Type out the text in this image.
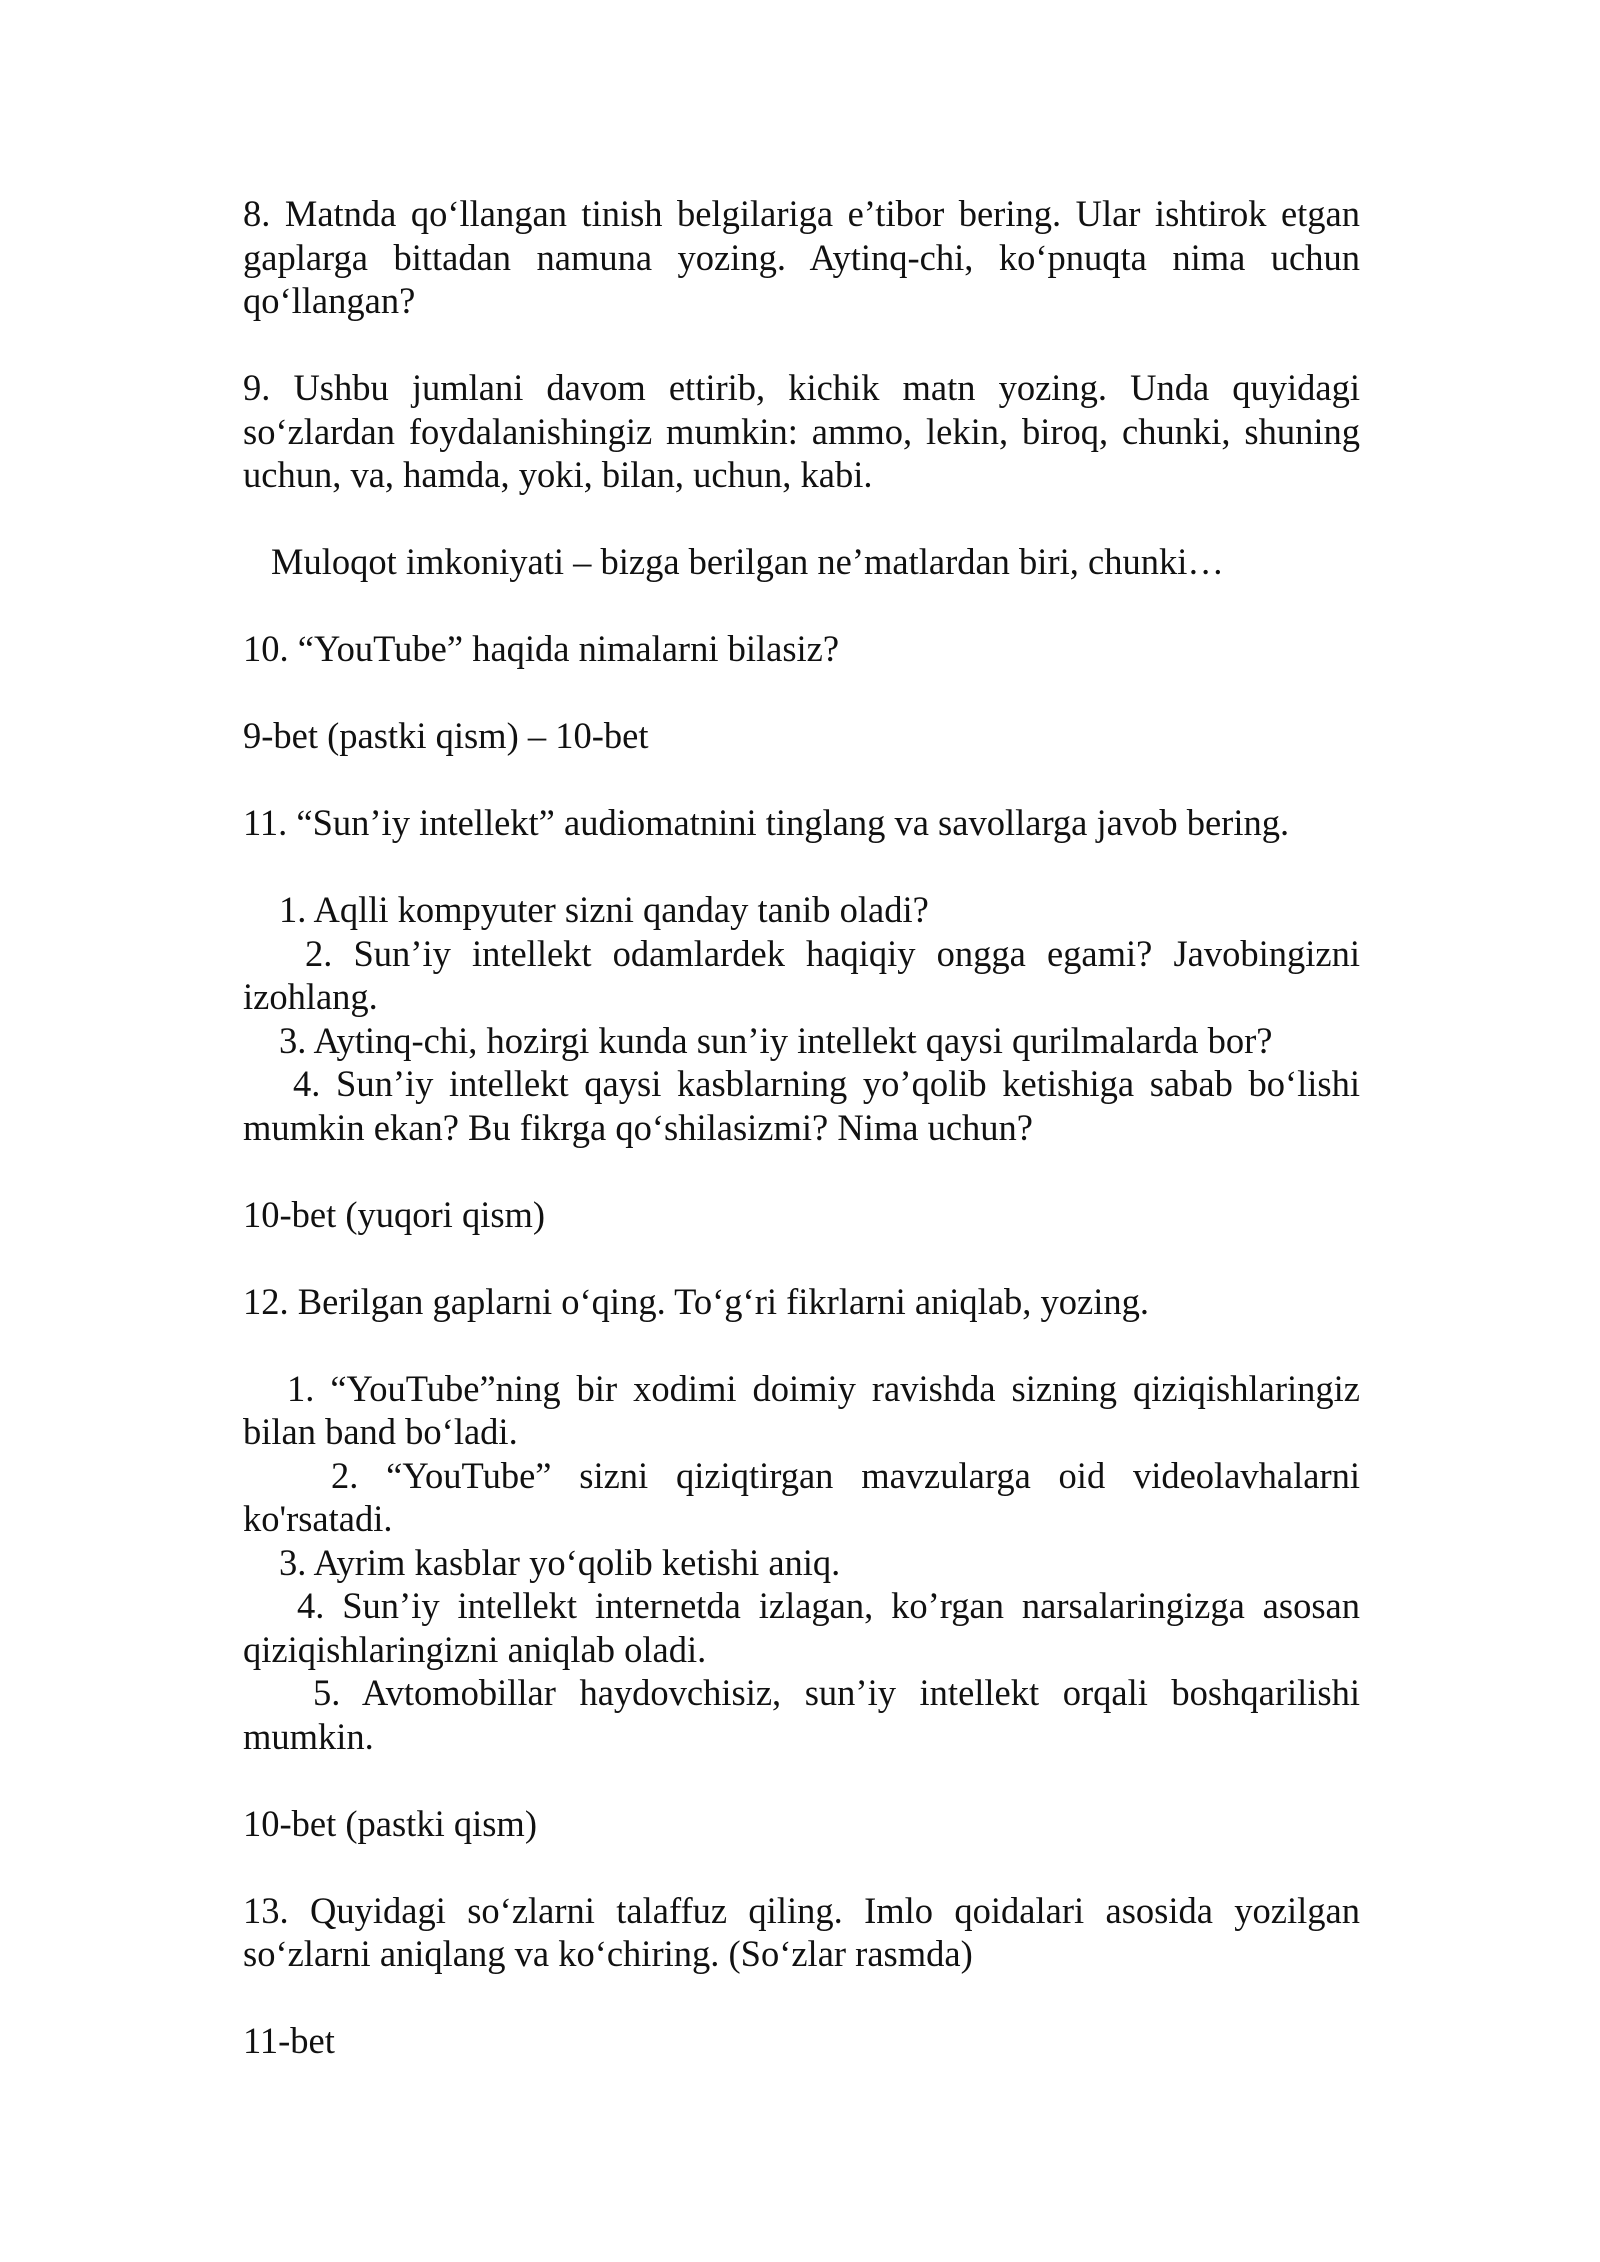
8. Matnda qo‘llangan tinish belgilariga e’tibor bering. Ular ishtirok etgan gaplarga bittadan namuna yozing. Aytinq-chi, ko‘pnuqta nima uchun qo‘llangan?
9. Ushbu jumlani davom ettirib, kichik matn yozing. Unda quyidagi so‘zlardan foydalanishingiz mumkin: ammo, lekin, biroq, chunki, shuning uchun, va, hamda, yoki, bilan, uchun, kabi.
Muloqot imkoniyati – bizga berilgan ne’matlardan biri, chunki…
10. “YouTube” haqida nimalarni bilasiz?
9-bet (pastki qism) – 10-bet
11. “Sun’iy intellekt” audiomatnini tinglang va savollarga javob bering.
1. Aqlli kompyuter sizni qanday tanib oladi?
2. Sun’iy intellekt odamlardek haqiqiy ongga egami? Javobingizni izohlang.
3. Aytinq-chi, hozirgi kunda sun’iy intellekt qaysi qurilmalarda bor?
4. Sun’iy intellekt qaysi kasblarning yo’qolib ketishiga sabab bo‘lishi mumkin ekan? Bu fikrga qo‘shilasizmi? Nima uchun?
10-bet (yuqori qism)
12. Berilgan gaplarni o‘qing. To‘g‘ri fikrlarni aniqlab, yozing.
1. “YouTube”ning bir xodimi doimiy ravishda sizning qiziqishlaringiz bilan band bo‘ladi.
2. “YouTube” sizni qiziqtirgan mavzularga oid videolavhalarni ko'rsatadi.
3. Ayrim kasblar yo‘qolib ketishi aniq.
4. Sun’iy intellekt internetda izlagan, ko’rgan narsalaringizga asosan qiziqishlaringizni aniqlab oladi.
5. Avtomobillar haydovchisiz, sun’iy intellekt orqali boshqarilishi mumkin.
10-bet (pastki qism)
13. Quyidagi so‘zlarni talaffuz qiling. Imlo qoidalari asosida yozilgan so‘zlarni aniqlang va ko‘chiring. (So‘zlar rasmda)
11-bet
